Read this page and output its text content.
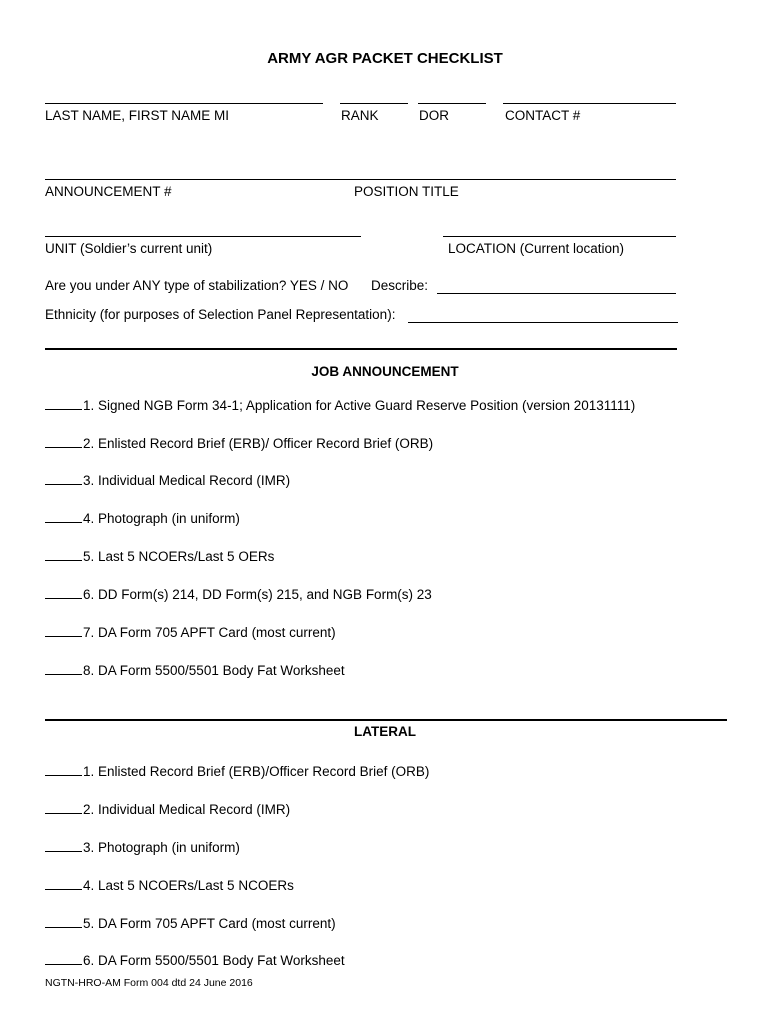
ARMY AGR PACKET CHECKLIST
LAST NAME, FIRST NAME MI	RANK	DOR	CONTACT #
ANNOUNCEMENT #	POSITION TITLE
UNIT (Soldier’s current unit)	LOCATION (Current location)
Are you under ANY type of stabilization? YES / NO Describe:
Ethnicity (for purposes of Selection Panel Representation):
JOB ANNOUNCEMENT
1. Signed NGB Form 34-1; Application for Active Guard Reserve Position (version 20131111)
2. Enlisted Record Brief (ERB)/ Officer Record Brief (ORB)
3. Individual Medical Record (IMR)
4. Photograph (in uniform)
5. Last 5 NCOERs/Last 5 OERs
6. DD Form(s) 214, DD Form(s) 215, and NGB Form(s) 23
7. DA Form 705 APFT Card (most current)
8. DA Form 5500/5501 Body Fat Worksheet
LATERAL
1. Enlisted Record Brief (ERB)/Officer Record Brief (ORB)
2. Individual Medical Record (IMR)
3. Photograph (in uniform)
4. Last 5 NCOERs/Last 5 NCOERs
5. DA Form 705 APFT Card (most current)
6. DA Form 5500/5501 Body Fat Worksheet
NGTN-HRO-AM Form 004 dtd 24 June 2016
